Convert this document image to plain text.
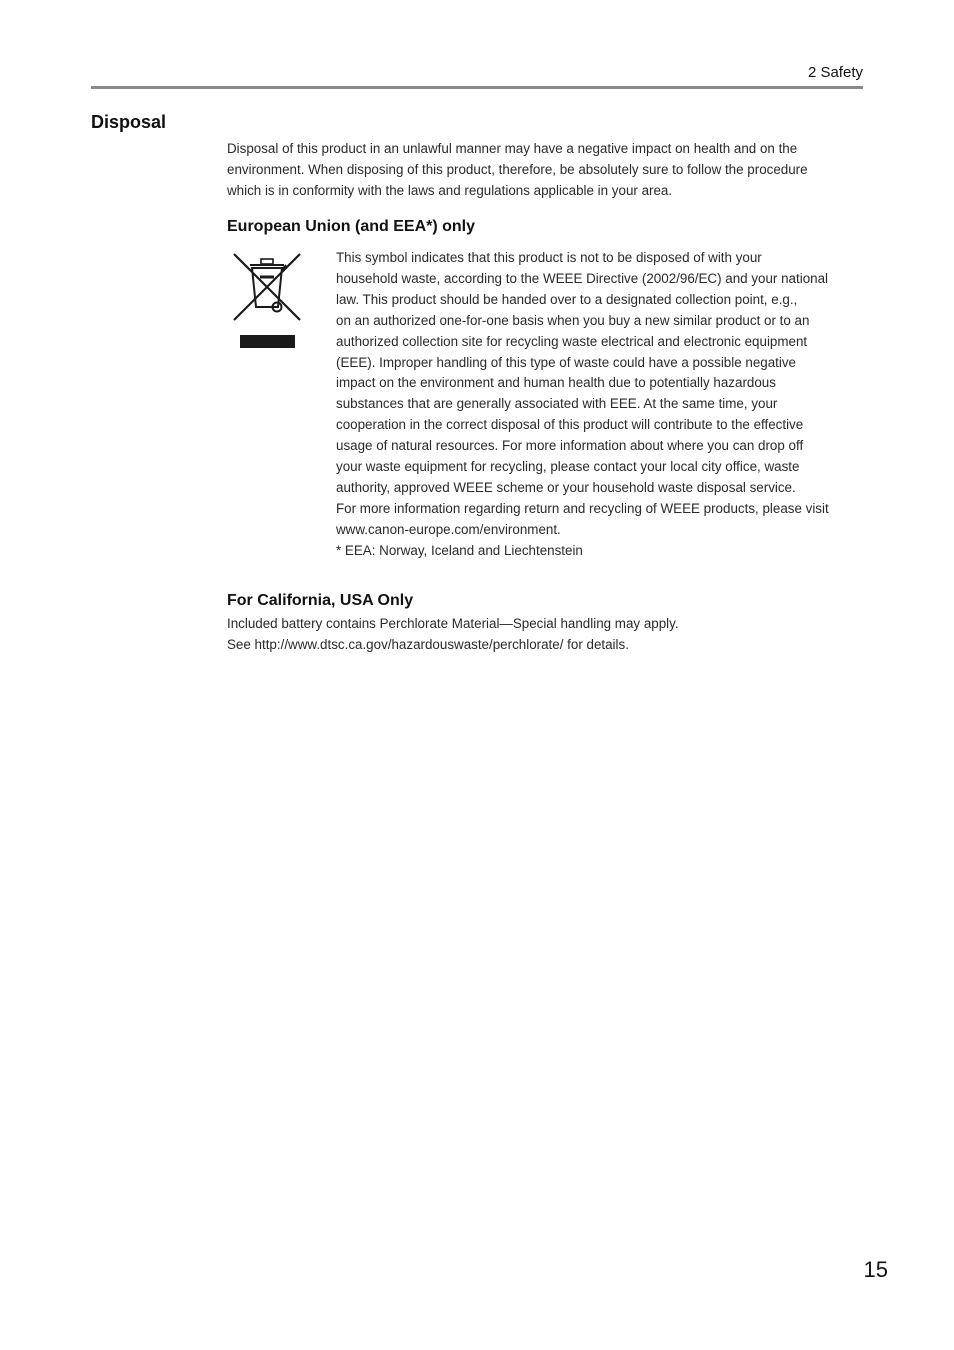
2 Safety
Disposal

Disposal of this product in an unlawful manner may have a negative impact on health and on the

environment. When disposing of this product, therefore, be absolutely sure to follow the procedure

which is in conformity with the laws and regulations applicable in your area.

European Union (and EEA*) only

This symbol indicates that this product is not to be disposed of with your

household waste, according to the WEEE Directive (2002/96/EC) and your national

law. This product should be handed over to a designated collection point, e.g.,

on an authorized one-for-one basis when you buy a new similar product or to an

authorized collection site for recycling waste electrical and electronic equipment

(EEE). Improper handling of this type of waste could have a possible negative

impact on the environment and human health due to potentially hazardous

substances that are generally associated with EEE. At the same time, your

cooperation in the correct disposal of this product will contribute to the effective

usage of natural resources. For more information about where you can drop off

your waste equipment for recycling, please contact your local city office, waste

authority, approved WEEE scheme or your household waste disposal service.

For more information regarding return and recycling of WEEE products, please visit

www.canon-europe.com/environment.

* EEA: Norway, Iceland and Liechtenstein

For California, USA Only

Included battery contains Perchlorate Material—Special handling may apply.

See http://www.dtsc.ca.gov/hazardouswaste/perchlorate/ for details.

15
